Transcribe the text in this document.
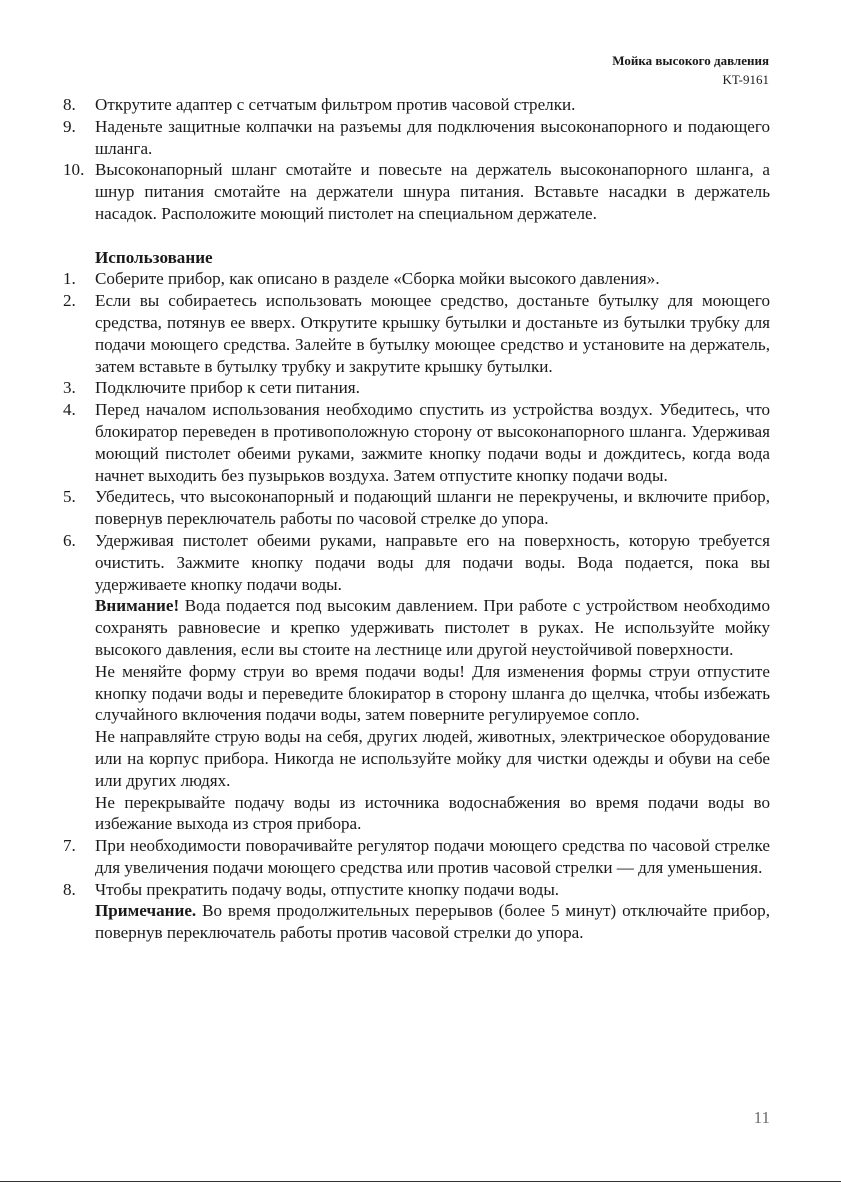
Мойка высокого давления
KT-9161
8. Открутите адаптер с сетчатым фильтром против часовой стрелки.
9. Наденьте защитные колпачки на разъемы для подключения высоконапорного и подающего шланга.
10. Высоконапорный шланг смотайте и повесьте на держатель высоконапорного шланга, а шнур питания смотайте на держатели шнура питания. Вставьте насадки в держатель насадок. Расположите моющий пистолет на специальном держателе.
Использование
1. Соберите прибор, как описано в разделе «Сборка мойки высокого давления».
2. Если вы собираетесь использовать моющее средство, достаньте бутылку для моющего средства, потянув ее вверх. Открутите крышку бутылки и достаньте из бутылки трубку для подачи моющего средства. Залейте в бутылку моющее средство и установите на держатель, затем вставьте в бутылку трубку и закрутите крышку бутылки.
3. Подключите прибор к сети питания.
4. Перед началом использования необходимо спустить из устройства воздух. Убедитесь, что блокиратор переведен в противоположную сторону от высоконапорного шланга. Удерживая моющий пистолет обеими руками, зажмите кнопку подачи воды и дождитесь, когда вода начнет выходить без пузырьков воздуха. Затем отпустите кнопку подачи воды.
5. Убедитесь, что высоконапорный и подающий шланги не перекручены, и включите прибор, повернув переключатель работы по часовой стрелке до упора.
6. Удерживая пистолет обеими руками, направьте его на поверхность, которую требуется очистить. Зажмите кнопку подачи воды для подачи воды. Вода подается, пока вы удерживаете кнопку подачи воды.
Внимание! Вода подается под высоким давлением. При работе с устройством необходимо сохранять равновесие и крепко удерживать пистолет в руках. Не используйте мойку высокого давления, если вы стоите на лестнице или другой неустойчивой поверхности.
Не меняйте форму струи во время подачи воды! Для изменения формы струи отпустите кнопку подачи воды и переведите блокиратор в сторону шланга до щелчка, чтобы избежать случайного включения подачи воды, затем поверните регулируемое сопло.
Не направляйте струю воды на себя, других людей, животных, электрическое оборудование или на корпус прибора. Никогда не используйте мойку для чистки одежды и обуви на себе или других людях.
Не перекрывайте подачу воды из источника водоснабжения во время подачи воды во избежание выхода из строя прибора.
7. При необходимости поворачивайте регулятор подачи моющего средства по часовой стрелке для увеличения подачи моющего средства или против часовой стрелки — для уменьшения.
8. Чтобы прекратить подачу воды, отпустите кнопку подачи воды.
Примечание. Во время продолжительных перерывов (более 5 минут) отключайте прибор, повернув переключатель работы против часовой стрелки до упора.
11
